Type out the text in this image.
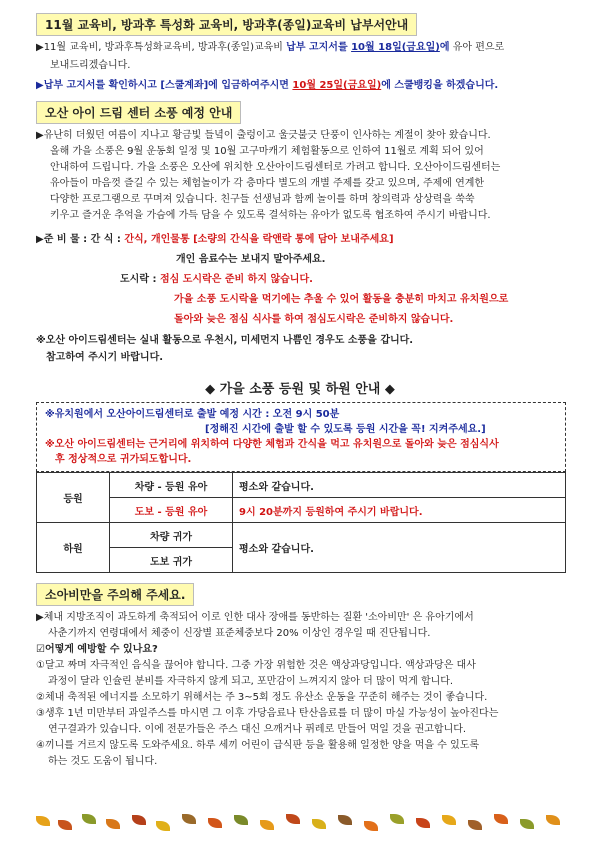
11월 교육비, 방과후 특성화 교육비, 방과후(종일)교육비 납부서안내
▶11월 교육비, 방과후특성화교육비, 방과후(종일)교육비 납부 고지서를 10월 18일(금요일)에 유아 편으로
보내드리겠습니다.
▶납부 고지서를 확인하시고 [스쿨계좌]에 입금하여주시면 10월 25일(금요일)에 스쿨뱅킹을 하겠습니다.
오산 아이 드림 센터 소풍 예정 안내
▶유난히 더웠던 여름이 지나고 황금빛 들녘이 출렁이고 울긋불긋 단풍이 인사하는 계절이 찾아 왔습니다.
올해 가을 소풍은 9월 운동회 일정 및 10월 고구마캐기 체험활동으로 인하여 11월로 계획 되어 있어
안내하여 드립니다. 가을 소풍은 오산에 위치한 오산아이드림센터로 가려고 합니다. 오산아이드림센터는
유아들이 마음껏 즐길 수 있는 체험놀이가 각 층마다 별도의 개별 주제를 갖고 있으며, 주제에 연계한
다양한 프로그램으로 꾸며져 있습니다. 친구들 선생님과 함께 놀이를 하며 창의력과 상상력을 쑥쑥
키우고 즐거운 추억을 가슴에 가득 담을 수 있도록 결석하는 유아가 없도록 협조하여 주시기 바랍니다.
▶준 비 물 : 간 식 : 간식, 개인물통 [소량의 간식을 락앤락 통에 담아 보내주세요]
개인 음료수는 보내지 말아주세요.
도시락 : 점심 도시락은 준비 하지 않습니다.
가을 소풍 도시락을 먹기에는 추울 수 있어 활동을 충분히 마치고 유치원으로
돌아와 늦은 점심 식사를 하여 점심도시락은 준비하지 않습니다.
※오산 아이드림센터는 실내 활동으로 우천시, 미세먼지 나쁨인 경우도 소풍을 갑니다.
참고하여 주시기 바랍니다.
◆ 가을 소풍 등원 및 하원 안내 ◆
※유치원에서 오산아이드림센터로 출발 예정 시간 : 오전 9시 50분
[정해진 시간에 출발 할 수 있도록 등원 시간을 꼭! 지켜주세요.]
※오산 아이드림센터는 근거리에 위치하여 다양한 체험과 간식을 먹고 유치원으로 돌아와 늦은 점심식사
후 정상적으로 귀가되도합니다.
등원	차량 - 등원 유아	평소와 같습니다.
	도보 - 등원 유아	9시 20분까지 등원하여 주시기 바랍니다.
하원	차량 귀가	평소와 같습니다.
	도보 귀가	
소아비만을 주의해 주세요.
▶체내 지방조직이 과도하게 축적되어 이로 인한 대사 장애를 동반하는 질환 '소아비만' 은 유아기에서
사춘기까지 연령대에서 체중이 신장별 표준체중보다 20% 이상인 경우일 때 진단됩니다.
☑어떻게 예방할 수 있나요?
①달고 짜며 자극적인 음식을 끊어야 합니다. 그중 가장 위험한 것은 액상과당입니다. 액상과당은 대사
과정이 달라 인슐린 분비를 자극하지 않게 되고, 포만감이 느껴지지 않아 더 많이 먹게 합니다.
②체내 축적된 에너지를 소모하기 위해서는 주 3~5회 정도 유산소 운동을 꾸준히 해주는 것이 좋습니다.
③생후 1년 미만부터 과일주스를 마시면 그 이후 가당음료나 탄산음료를 더 많이 마실 가능성이 높아진다는
연구결과가 있습니다. 이에 전문가들은 주스 대신 으깨거나 퓌레로 만들어 먹일 것을 권고합니다.
④끼니를 거르지 않도록 도와주세요. 하루 세끼 어린이 급식판 등을 활용해 일정한 양을 먹을 수 있도록
하는 것도 도움이 됩니다.
